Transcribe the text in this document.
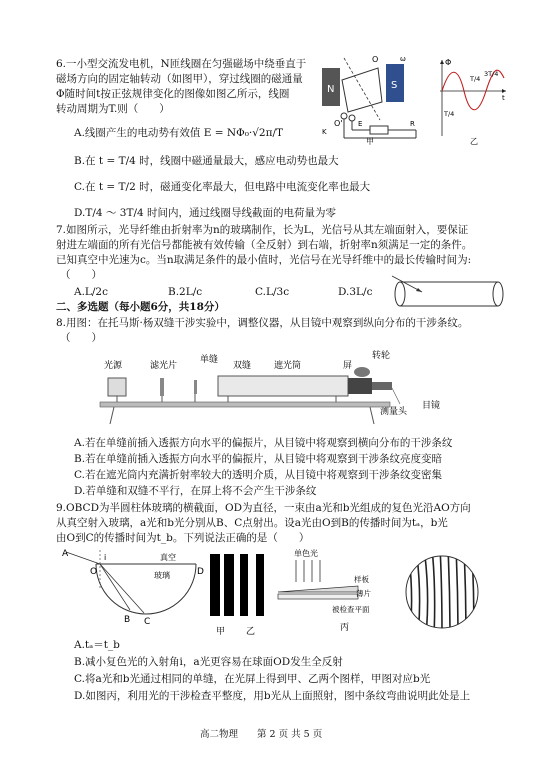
6.一小型交流发电机，N匝线圈在匀强磁场中绕垂直于
磁场方向的固定轴转动（如图甲），穿过线圈的磁通量
Φ随时间t按正弦规律变化的图像如图乙所示，线圈
转动周期为T.则（　　）
A.线圈产生的电动势有效值 E = NΦ₀·√2π/T
B.在 t = T/4 时，线圈中磁通量最大，感应电动势也最大
C.在 t = T/2 时，磁通变化率最大，但电路中电流变化率也最大
D.T/4 ～ 3T/4 时间内，通过线圈导线截面的电荷量为零
N	S
O
O'
K
E	R
ω
甲
Φ
t
T/4
3T/4
T/4
乙
7.如图所示，光导纤维由折射率为n的玻璃制作，长为L，光信号从其左端面射入，要保证
射进左端面的所有光信号都能被有效传输（全反射）到右端，折射率n须满足一定的条件。
已知真空中光速为c。当n取满足条件的最小值时，光信号在光导纤维中的最长传输时间为:
（　　）
A.L/2c	B.2L/c	C.L/3c	D.3L/c
二、多选题（每小题6分，共18分）
8.用图：在托马斯·杨双缝干涉实验中，调整仪器，从目镜中观察到纵向分布的干涉条纹。
（　　）
光源	滤光片
单缝
双缝	遮光筒	屏
转轮
测量头
目镜
A.若在单缝前插入透振方向水平的偏振片，从目镜中将观察到横向分布的干涉条纹
B.若在单缝前插入透振方向水平的偏振片，从目镜中将观察到干涉条纹亮度变暗
C.若在遮光筒内充满折射率较大的透明介质，从目镜中将观察到干涉条纹变密集
D.若单缝和双缝不平行，在屏上将不会产生干涉条纹
9.OBCD为半圆柱体玻璃的横截面，OD为直径，一束由a光和b光组成的复色光沿AO方向
从真空射入玻璃，a光和b光分别从B、C点射出。设a光由O到B的传播时间为tₐ，b光
由O到C的传播时间为t_b。下列说法正确的是（　　）
A
O	D
B C
i	真空
玻璃
甲 乙
单色光
样板
薄片
被检查平面
丙
A.tₐ＝t_b
B.减小复色光的入射角i，a光更容易在球面OD发生全反射
C.将a光和b光通过相同的单缝，在光屏上得到甲、乙两个图样，甲图对应b光
D.如图丙，利用光的干涉检查平整度，用b光从上面照射，图中条纹弯曲说明此处是上
高二物理　　第 2 页 共 5 页
